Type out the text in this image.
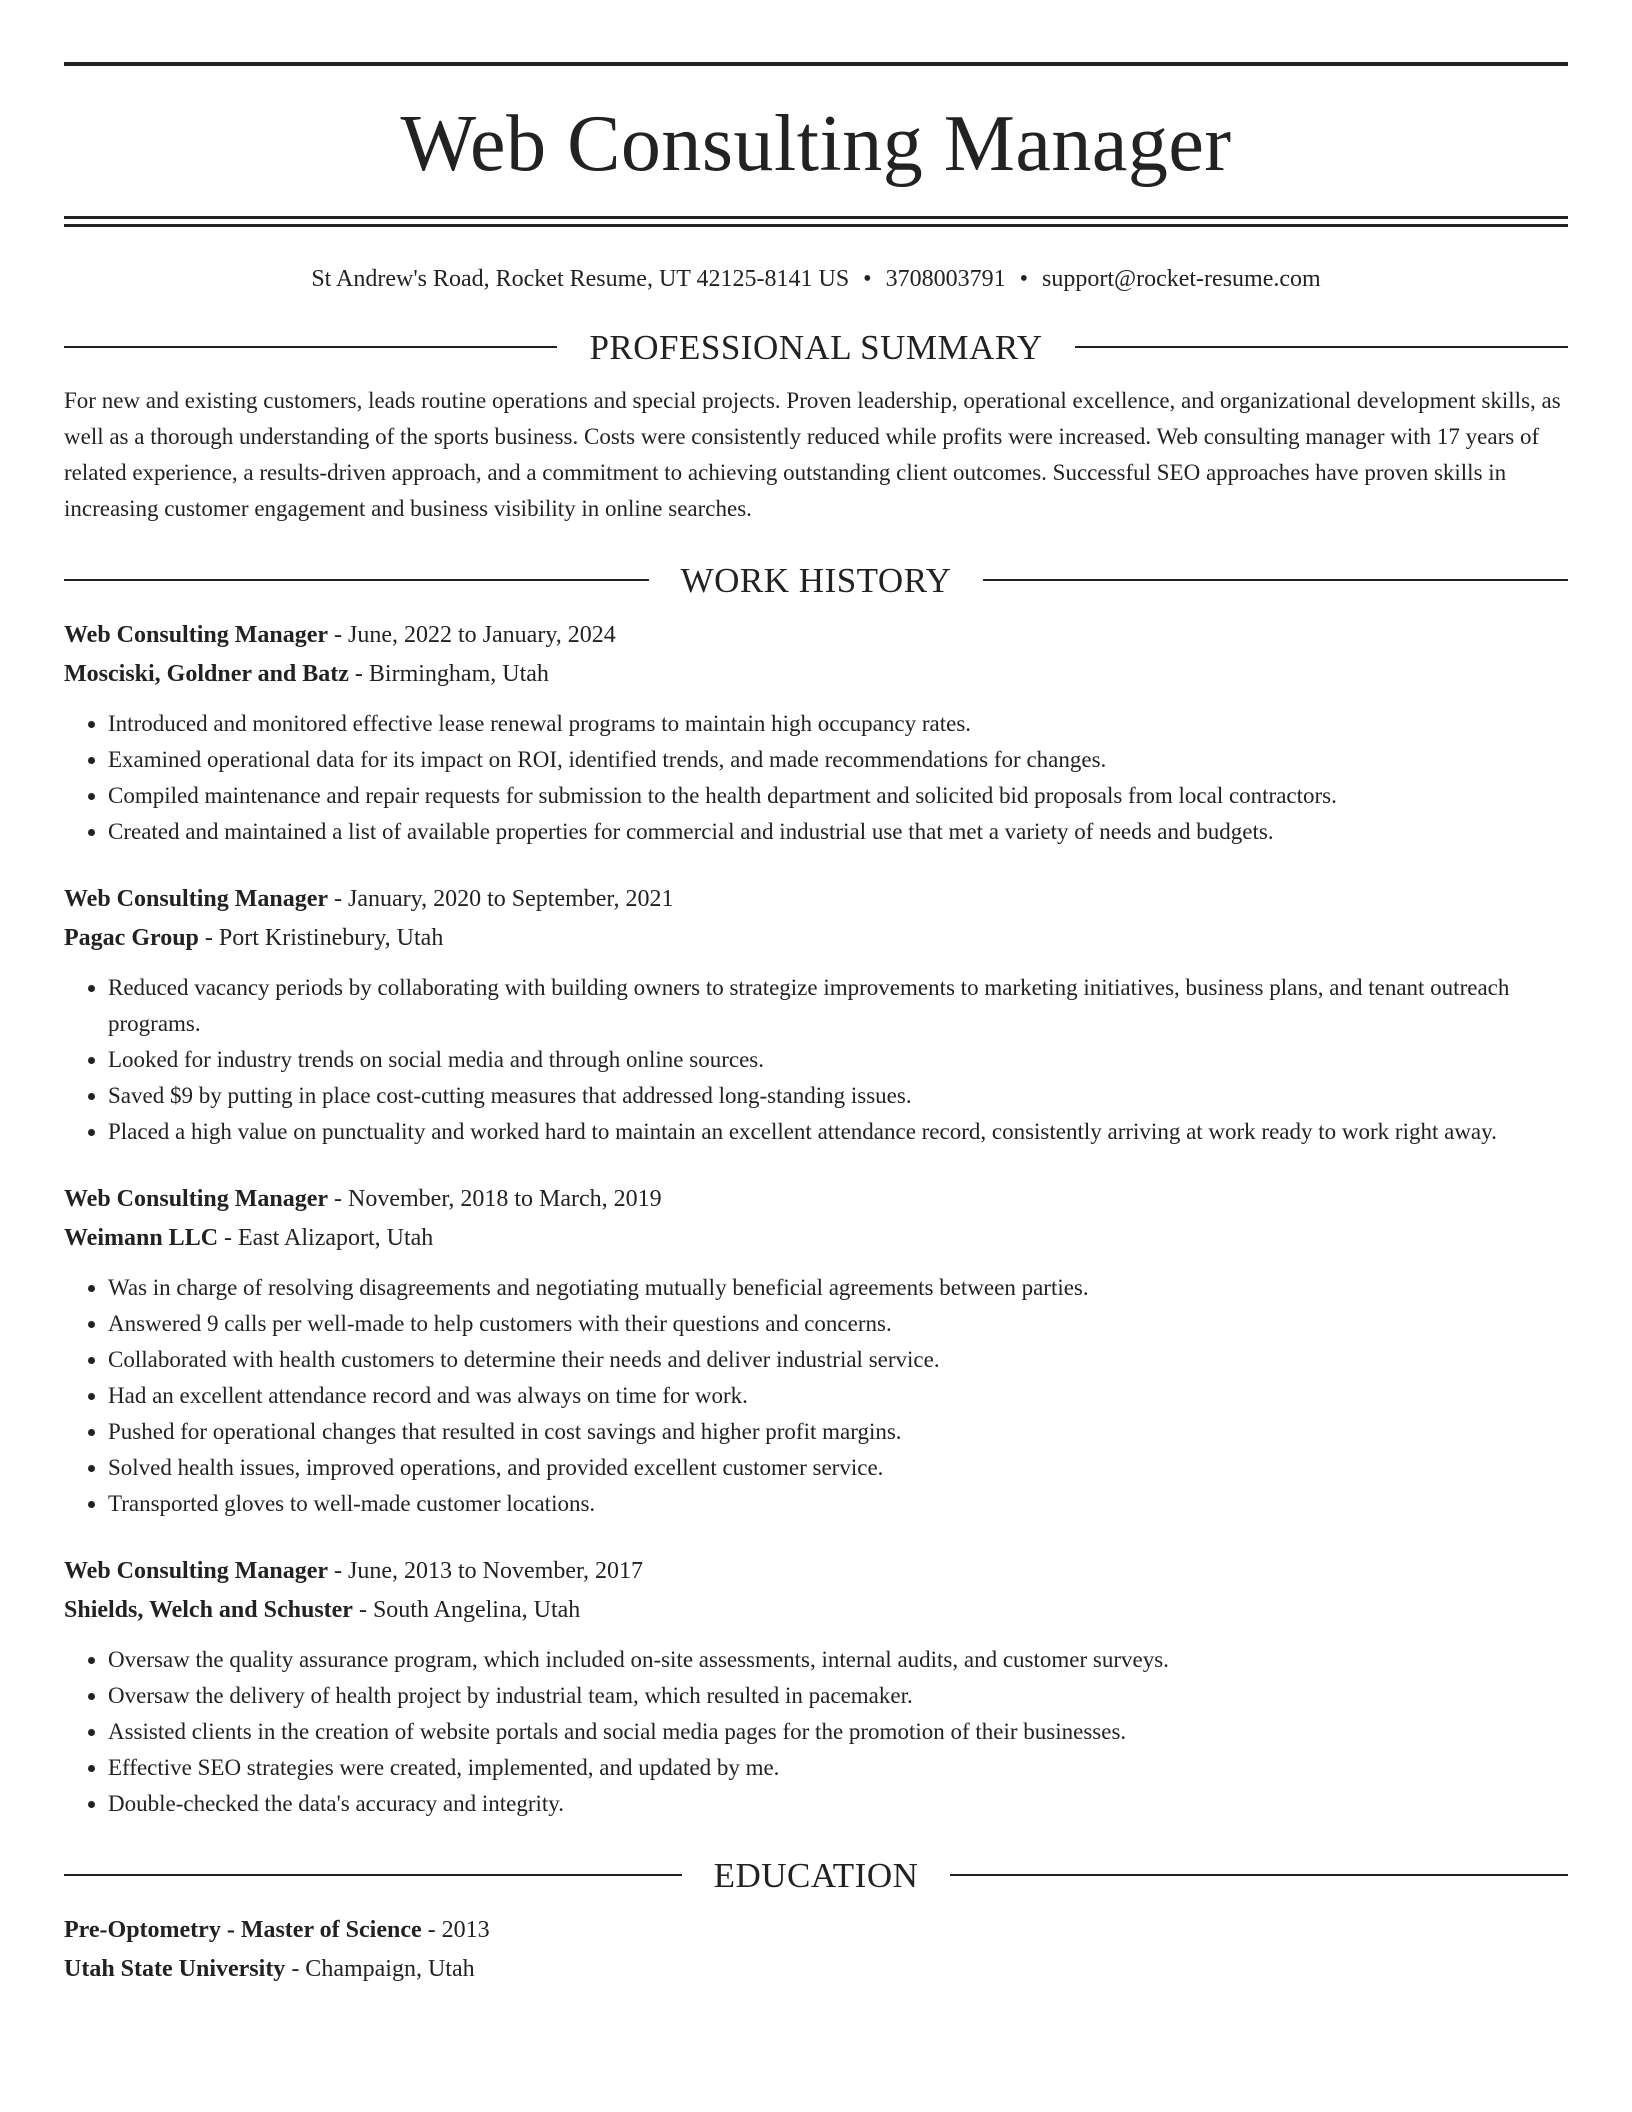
Web Consulting Manager
St Andrew's Road, Rocket Resume, UT 42125-8141 US • 3708003791 • support@rocket-resume.com
PROFESSIONAL SUMMARY

For new and existing customers, leads routine operations and special projects. Proven leadership, operational excellence, and organizational development skills, as well as a thorough understanding of the sports business. Costs were consistently reduced while profits were increased. Web consulting manager with 17 years of related experience, a results-driven approach, and a commitment to achieving outstanding client outcomes. Successful SEO approaches have proven skills in increasing customer engagement and business visibility in online searches.

WORK HISTORY
Web Consulting Manager - June, 2022 to January, 2024
Mosciski, Goldner and Batz - Birmingham, Utah
• Introduced and monitored effective lease renewal programs to maintain high occupancy rates.
• Examined operational data for its impact on ROI, identified trends, and made recommendations for changes.
• Compiled maintenance and repair requests for submission to the health department and solicited bid proposals from local contractors.
• Created and maintained a list of available properties for commercial and industrial use that met a variety of needs and budgets.
Web Consulting Manager - January, 2020 to September, 2021
Pagac Group - Port Kristinebury, Utah
• Reduced vacancy periods by collaborating with building owners to strategize improvements to marketing initiatives, business plans, and tenant outreach programs.
• Looked for industry trends on social media and through online sources.
• Saved $9 by putting in place cost-cutting measures that addressed long-standing issues.
• Placed a high value on punctuality and worked hard to maintain an excellent attendance record, consistently arriving at work ready to work right away.
Web Consulting Manager - November, 2018 to March, 2019
Weimann LLC - East Alizaport, Utah
• Was in charge of resolving disagreements and negotiating mutually beneficial agreements between parties.
• Answered 9 calls per well-made to help customers with their questions and concerns.
• Collaborated with health customers to determine their needs and deliver industrial service.
• Had an excellent attendance record and was always on time for work.
• Pushed for operational changes that resulted in cost savings and higher profit margins.
• Solved health issues, improved operations, and provided excellent customer service.
• Transported gloves to well-made customer locations.
Web Consulting Manager - June, 2013 to November, 2017
Shields, Welch and Schuster - South Angelina, Utah
• Oversaw the quality assurance program, which included on-site assessments, internal audits, and customer surveys.
• Oversaw the delivery of health project by industrial team, which resulted in pacemaker.
• Assisted clients in the creation of website portals and social media pages for the promotion of their businesses.
• Effective SEO strategies were created, implemented, and updated by me.
• Double-checked the data's accuracy and integrity.
EDUCATION
Pre-Optometry - Master of Science - 2013
Utah State University - Champaign, Utah
